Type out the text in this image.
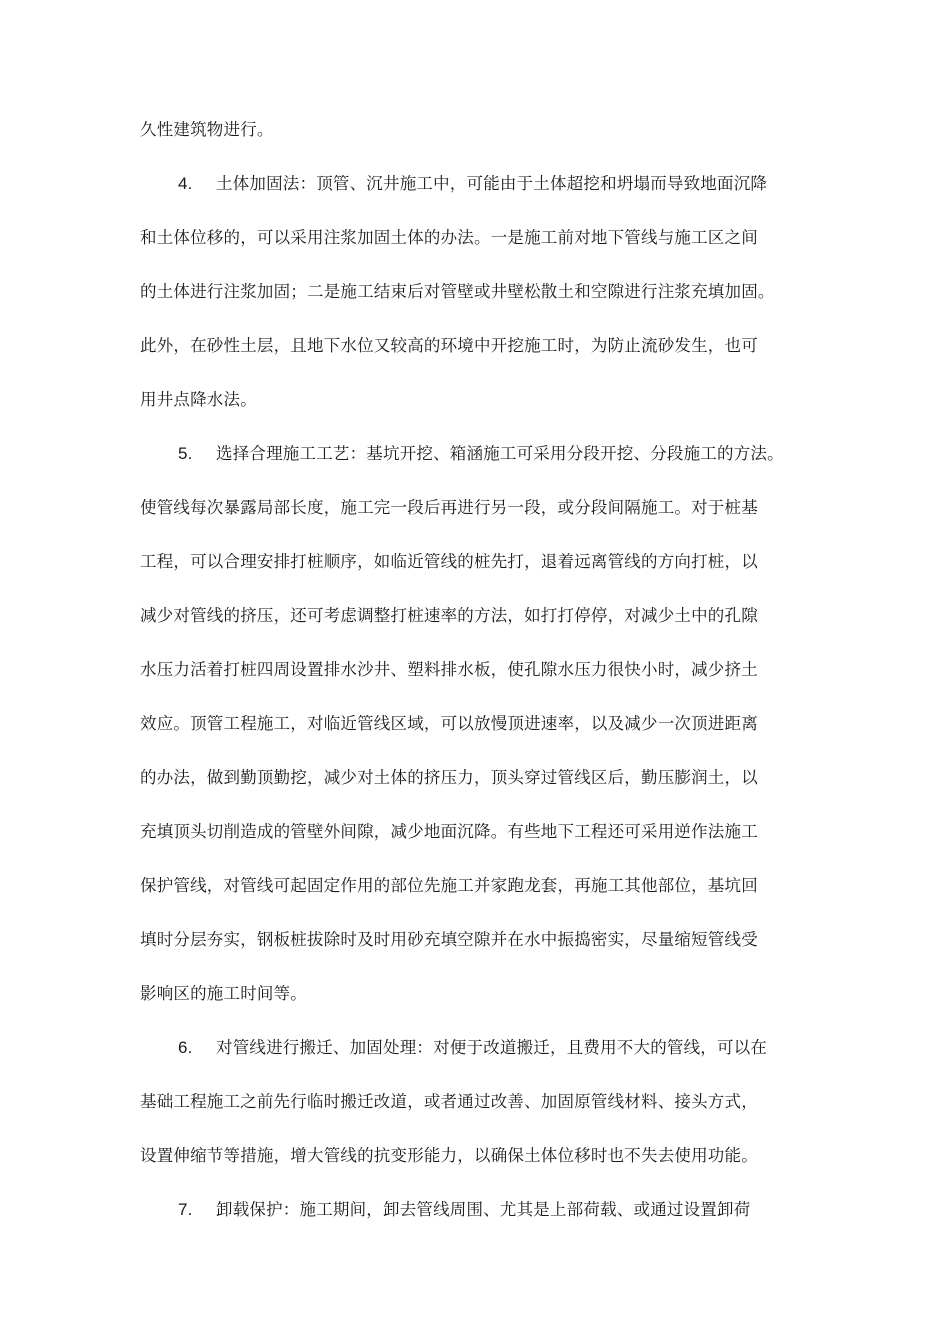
久性建筑物进行。
4. 土体加固法：顶管、沉井施工中，可能由于土体超挖和坍塌而导致地面沉降
和土体位移的，可以采用注浆加固土体的办法。一是施工前对地下管线与施工区之间
的土体进行注浆加固；二是施工结束后对管壁或井壁松散土和空隙进行注浆充填加固。
此外，在砂性土层，且地下水位又较高的环境中开挖施工时，为防止流砂发生，也可
用井点降水法。
5. 选择合理施工工艺：基坑开挖、箱涵施工可采用分段开挖、分段施工的方法。
使管线每次暴露局部长度，施工完一段后再进行另一段，或分段间隔施工。对于桩基
工程，可以合理安排打桩顺序，如临近管线的桩先打，退着远离管线的方向打桩，以
减少对管线的挤压，还可考虑调整打桩速率的方法，如打打停停，对减少土中的孔隙
水压力活着打桩四周设置排水沙井、塑料排水板，使孔隙水压力很快小时，减少挤土
效应。顶管工程施工，对临近管线区域，可以放慢顶进速率，以及减少一次顶进距离
的办法，做到勤顶勤挖，减少对土体的挤压力，顶头穿过管线区后，勤压膨润土，以
充填顶头切削造成的管壁外间隙，减少地面沉降。有些地下工程还可采用逆作法施工
保护管线，对管线可起固定作用的部位先施工并家跑龙套，再施工其他部位，基坑回
填时分层夯实，钢板桩拔除时及时用砂充填空隙并在水中振捣密实，尽量缩短管线受
影响区的施工时间等。
6. 对管线进行搬迁、加固处理：对便于改道搬迁，且费用不大的管线，可以在
基础工程施工之前先行临时搬迁改道，或者通过改善、加固原管线材料、接头方式，
设置伸缩节等措施，增大管线的抗变形能力，以确保土体位移时也不失去使用功能。
7. 卸载保护：施工期间，卸去管线周围、尤其是上部荷载、或通过设置卸荷
